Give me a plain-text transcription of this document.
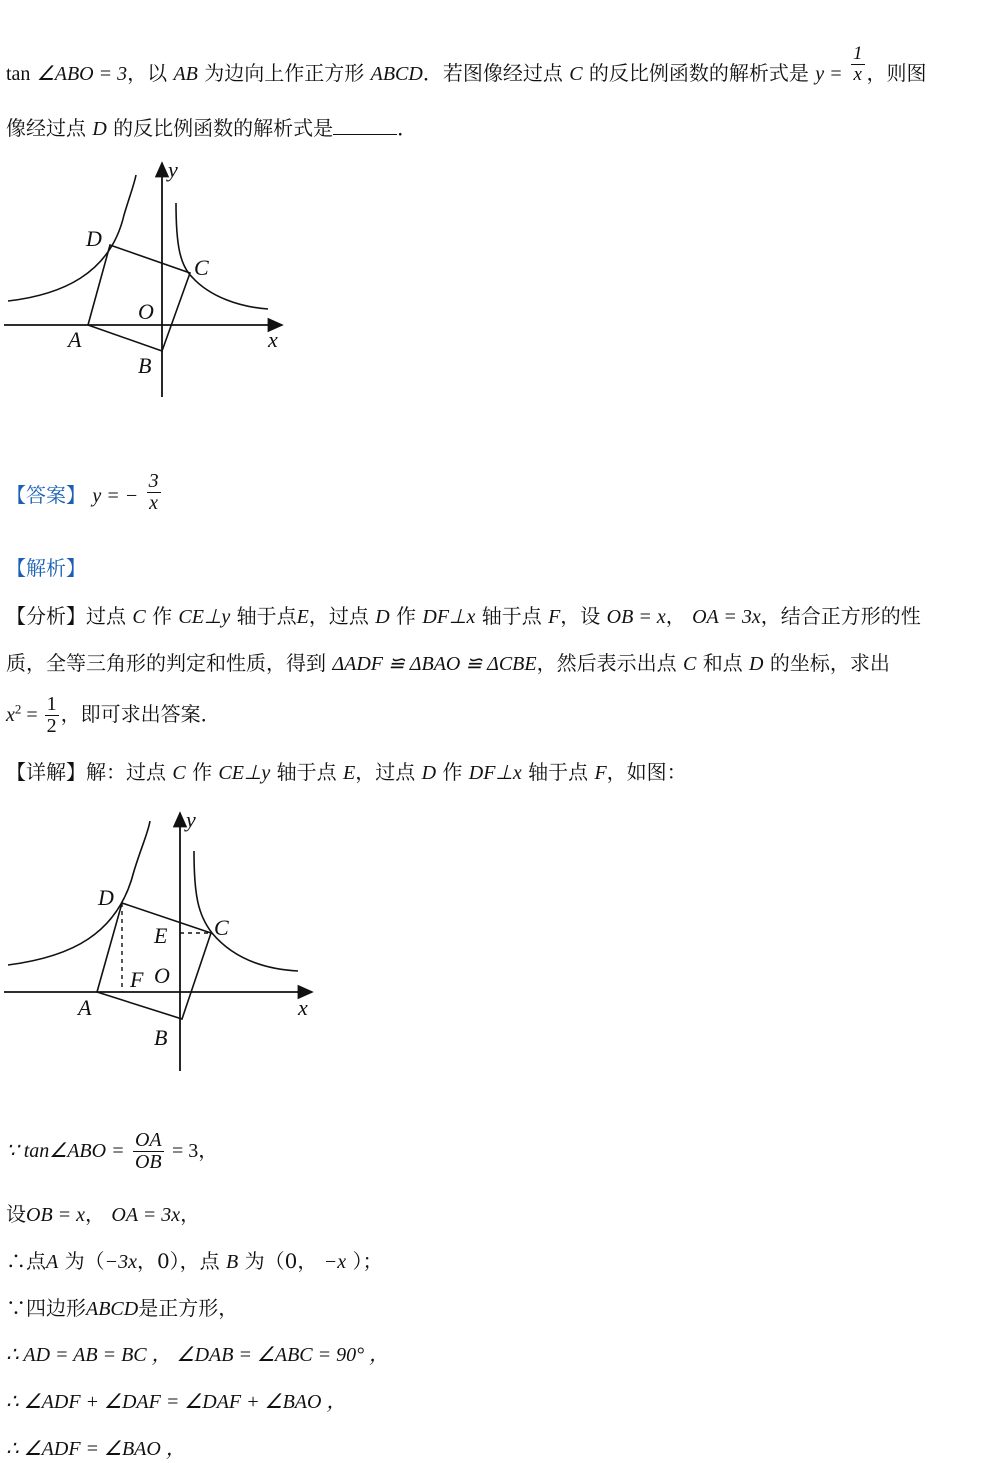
tan ∠ABO = 3，以 AB 为边向上作正方形 ABCD．若图像经过点 C 的反比例函数的解析式是 $y = \frac{1}{x}$ ，则图
像经过点 D 的反比例函数的解析式是	．
D
C
O
A
B
x
y
【答案】 y = − $\frac{3}{x}$
【解析】
【分析】过点 C 作 CE⊥y 轴于点E，过点 D 作 DF⊥x 轴于点 F，设 OB = x， OA = 3x，结合正方形的性
质，全等三角形的判定和性质，得到 ΔADF ≌ ΔBAO ≌ ΔCBE，然后表示出点 C 和点 D 的坐标，求出
$x^2 = \frac{1}{2}$ ，即可求出答案．
【详解】解：过点 C 作 CE⊥y 轴于点 E，过点 D 作 DF⊥x 轴于点 F，如图：
D
C
E
F O
A
B
x
y
∵ tan∠ABO = $\frac{OA}{OB} = 3$，
设OB = x， OA = 3x，
∴点A 为（−3x，0），点 B 为（0， −x ）；
∵四边形ABCD是正方形，
∴ AD = AB = BC ， ∠DAB = ∠ABC = 90° ，
∴ ∠ADF + ∠DAF = ∠DAF + ∠BAO ，
∴ ∠ADF = ∠BAO ，
